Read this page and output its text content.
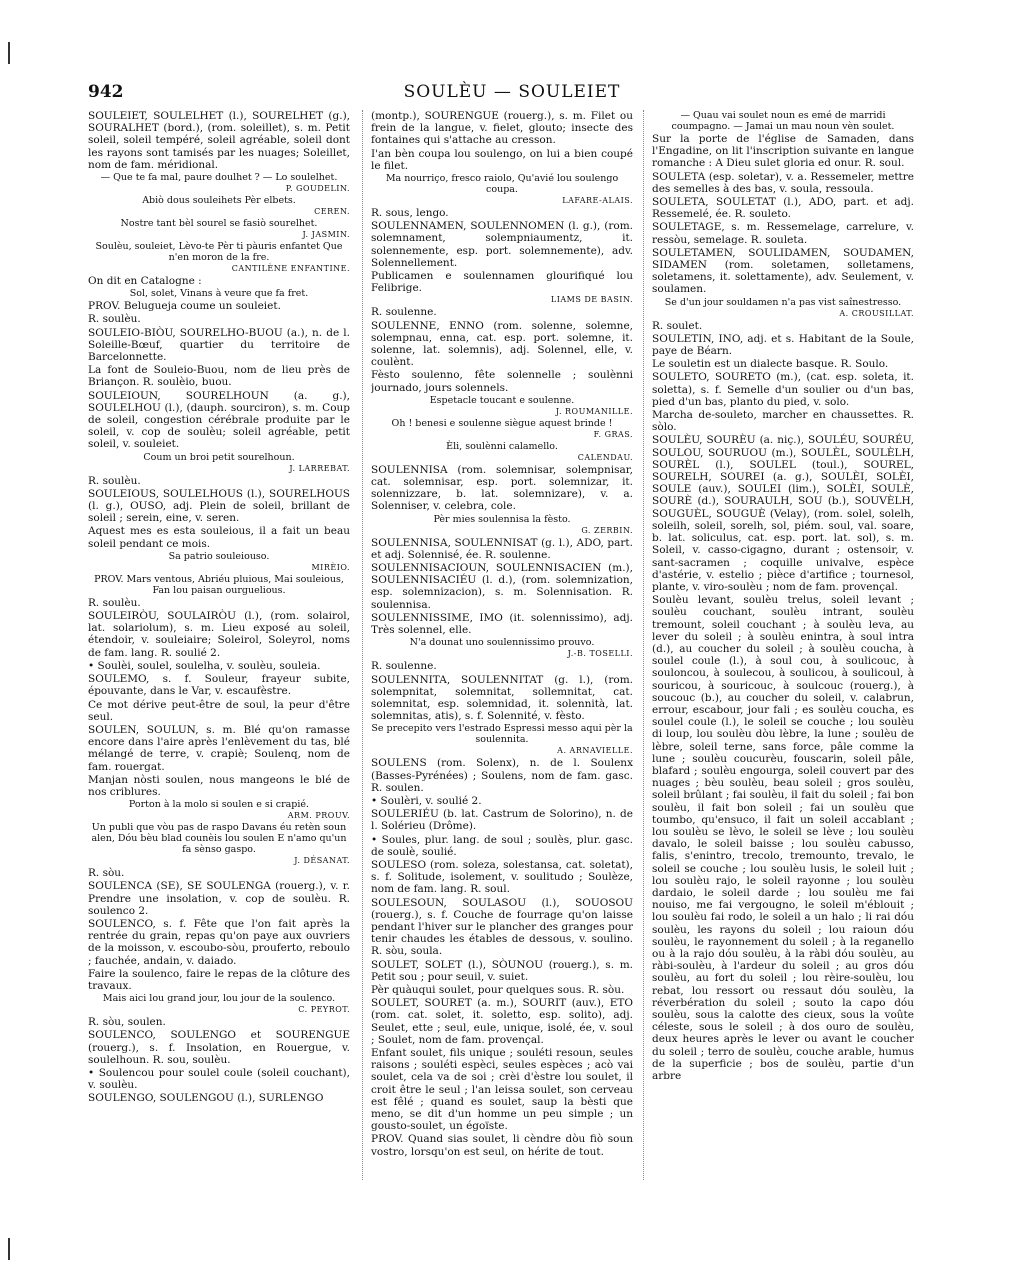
942	SOULÈU — SOULEIET

SOULEIET, SOULELHET (l.), SOURELHET (g.), SOURALHET (bord.), (rom. soleillet), s. m. Petit soleil, soleil tempéré, soleil agréable, soleil dont les rayons sont tamisés par les nuages; Soleillet, nom de fam. méridional.

— Que te fa mal, paure doulhet ? — Lo soulelhet.

P. GOUDELIN.

Abiò dous souleihets Pèr elbets.

CEREN.

Nostre tant bèl sourel se fasiò sourelhet.

J. JASMIN.

Soulèu, souleiet, Lèvo-te Pèr ti pàuris enfantet Que n'en moron de la fre.

CANTILÈNE ENFANTINE.

On dit en Catalogne :

Sol, solet, Vinans à veure que fa fret.

PROV. Belugueja coume un souleiet.

R. soulèu.

SOULEIO-BIÒU, SOURELHO-BUOU (a.), n. de l. Soleille-Bœuf, quartier du territoire de Barcelonnette.

La font de Souleio-Buou, nom de lieu près de Briançon. R. soulèio, buou.

SOULEIOUN, SOURELHOUN (a. g.), SOULELHOU (l.), (dauph. sourciron), s. m. Coup de soleil, congestion cérébrale produite par le soleil, v. cop de soulèu; soleil agréable, petit soleil, v. souleiet.

Coum un broi petit sourelhoun.

J. LARREBAT.

R. soulèu.

SOULEIOUS, SOULELHOUS (l.), SOURELHOUS (l. g.), OUSO, adj. Plein de soleil, brillant de soleil ; serein, eine, v. seren.

Aquest mes es esta souleious, il a fait un beau soleil pendant ce mois.

Sa patrio souleiouso.

MIRÈIO.

PROV. Mars ventous, Abriéu pluious, Mai souleious, Fan lou paisan ourguelious.

R. soulèu.

SOULEIRÒU, SOULAIRÒU (l.), (rom. solairol, lat. solariolum), s. m. Lieu exposé au soleil, étendoir, v. souleiaire; Soleirol, Soleyrol, noms de fam. lang. R. soulié 2.

• Soulèi, soulel, soulelha, v. soulèu, souleia.

SOULEMO, s. f. Souleur, frayeur subite, épouvante, dans le Var, v. escaufèstre.

Ce mot dérive peut-être de soul, la peur d'être seul.

SOULEN, SOULUN, s. m. Blé qu'on ramasse encore dans l'aire après l'enlèvement du tas, blé mélangé de terre, v. crapiè; Soulenq, nom de fam. rouergat.

Manjan nòsti soulen, nous mangeons le blé de nos criblures.

Porton à la molo si soulen e si crapié.

ARM. PROUV.

Un publi que vòu pas de raspo Davans éu retèn soun alen, Dóu bèu blad counèis lou soulen E n'amo qu'un fa sènso gaspo.

J. DÉSANAT.

R. sòu.

SOULENCA (SE), SE SOULENGA (rouerg.), v. r. Prendre une insolation, v. cop de soulèu. R. soulenco 2.

SOULENCO, s. f. Fête que l'on fait après la rentrée du grain, repas qu'on paye aux ouvriers de la moisson, v. escoubo-sòu, prouferto, reboulo ; fauchée, andain, v. daiado.

Faire la soulenco, faire le repas de la clôture des travaux.

Mais aici lou grand jour, lou jour de la soulenco.

C. PEYROT.

R. sòu, soulen.

SOULENCO, SOULENGO et SOURENGUE (rouerg.), s. f. Insolation, en Rouergue, v. soulelhoun. R. sou, soulèu.

• Soulencou pour soulel coule (soleil couchant), v. soulèu.

SOULENGO, SOULENGOU (l.), SURLENGO

(montp.), SOURENGUE (rouerg.), s. m. Filet ou frein de la langue, v. fielet, glouto; insecte des fontaines qui s'attache au cresson.

I'an bèn coupa lou soulengo, on lui a bien coupé le filet.

Ma nourriço, fresco raiolo, Qu'avié lou soulengo coupa.

LAFARE-ALAIS.

R. sous, lengo.

SOULENNAMEN, SOULENNOMEN (l. g.), (rom. solemnament, solempniaumentz, it. solennemente, esp. port. solemnemente), adv. Solennellement.

Publicamen e soulennamen glourifiqué lou Felibrige.

LIAMS DE BASIN.

R. soulenne.

SOULENNE, ENNO (rom. solenne, solemne, solempnau, enna, cat. esp. port. solemne, it. solenne, lat. solemnis), adj. Solennel, elle, v. coulènt.

Fèsto soulenno, fête solennelle ; soulènni journado, jours solennels.

Espetacle toucant e soulenne.

J. ROUMANILLE.

Oh ! benesi e soulenne siègue aquest brinde !

F. GRAS.

Èli, soulènni calamello.

CALENDAU.

SOULENNISA (rom. solemnisar, solempnisar, cat. solemnisar, esp. port. solemnizar, it. solennizzare, b. lat. solemnizare), v. a. Solenniser, v. celebra, cole.

Pèr mies soulennisa la fèsto.

G. ZERBIN.

SOULENNISA, SOULENNISAT (g. l.), ADO, part. et adj. Solennisé, ée. R. soulenne.

SOULENNISACIOUN, SOULENNISACIEN (m.), SOULENNISACIÉU (l. d.), (rom. solemnization, esp. solemnizacion), s. m. Solennisation. R. soulennisa.

SOULENNISSIME, IMO (it. solennissimo), adj. Très solennel, elle.

N'a dounat uno soulennissimo prouvo.

J.-B. TOSELLI.

R. soulenne.

SOULENNITA, SOULENNITAT (g. l.), (rom. solempnitat, solemnitat, sollemnitat, cat. solemnitat, esp. solemnidad, it. solennità, lat. solemnitas, atis), s. f. Solennité, v. fèsto.

Se precepito vers l'estrado Espressi messo aqui pèr la soulennita.

A. ARNAVIELLE.

SOULENS (rom. Solenx), n. de l. Soulenx (Basses-Pyrénées) ; Soulens, nom de fam. gasc. R. soulen.

• Soulèri, v. soulié 2.

SOULERIÉU (b. lat. Castrum de Solorino), n. de l. Solérieu (Drôme).

• Soules, plur. lang. de soul ; soulès, plur. gasc. de soulè, soulié.

SOULESO (rom. soleza, solestansa, cat. soletat), s. f. Solitude, isolement, v. soulitudo ; Soulèze, nom de fam. lang. R. soul.

SOULESOUN, SOULASOU (l.), SOUOSOU (rouerg.), s. f. Couche de fourrage qu'on laisse pendant l'hiver sur le plancher des granges pour tenir chaudes les étables de dessous, v. soulino. R. sòu, soula.

SOULET, SOLET (l.), SÒUNOU (rouerg.), s. m. Petit sou ; pour seuil, v. suiet.

Pèr quàuqui soulet, pour quelques sous. R. sòu.

SOULET, SOURET (a. m.), SOURIT (auv.), ETO (rom. cat. solet, it. soletto, esp. solito), adj. Seulet, ette ; seul, eule, unique, isolé, ée, v. soul ; Soulet, nom de fam. provençal.

Enfant soulet, fils unique ; souléti resoun, seules raisons ; souléti espèci, seules espèces ; acò vai soulet, cela va de soi ; crèi d'èstre lou soulet, il croit être le seul ; l'an leissa soulet, son cerveau est fêlé ; quand es soulet, saup la bèsti que meno, se dit d'un homme un peu simple ; un gousto-soulet, un égoïste.

PROV. Quand sias soulet, li cèndre dòu fiò soun vostro, lorsqu'on est seul, on hérite de tout.

— Quau vai soulet noun es emé de marridi coumpagno. — Jamai un mau noun vèn soulet.

Sur la porte de l'église de Samaden, dans l'Engadine, on lit l'inscription suivante en langue romanche : A Dieu sulet gloria ed onur. R. soul.

SOULETA (esp. soletar), v. a. Ressemeler, mettre des semelles à des bas, v. soula, ressoula.

SOULETA, SOULETAT (l.), ADO, part. et adj. Ressemelé, ée. R. souleto.

SOULETAGE, s. m. Ressemelage, carrelure, v. ressòu, semelage. R. souleta.

SOULETAMEN, SOULIDAMEN, SOUDAMEN, SIDAMEN (rom. soletamen, solletamens, soletamens, it. solettamente), adv. Seulement, v. soulamen.

Se d'un jour souldamen n'a pas vist saînestresso.

A. CROUSILLAT.

R. soulet.

SOULETIN, INO, adj. et s. Habitant de la Soule, paye de Béarn.

Le souletin est un dialecte basque. R. Soulo.

SOULETO, SOURETO (m.), (cat. esp. soleta, it. soletta), s. f. Semelle d'un soulier ou d'un bas, pied d'un bas, planto du pied, v. solo.

Marcha de-souleto, marcher en chaussettes. R. sòlo.

SOULÈU, SOURÈU (a. niç.), SOULÉU, SOURÉU, SOULOU, SOURUOU (m.), SOULÈL, SOULÈLH, SOURÈL (l.), SOULEL (toul.), SOUREL, SOURELH, SOUREI (a. g.), SOULÈI, SOLÈI, SOULE (auv.), SOULEI (lim.), SOLÈI, SOULÈ, SOURÈ (d.), SOURAULH, SOU (b.), SOUVÈLH, SOUGUÈL, SOUGUÈ (Velay), (rom. solel, solelh, soleilh, soleil, sorelh, sol, piém. soul, val. soare, b. lat. soliculus, cat. esp. port. lat. sol), s. m. Soleil, v. casso-cigagno, durant ; ostensoir, v. sant-sacramen ; coquille univalve, espèce d'astérie, v. estelio ; pièce d'artifice ; tournesol, plante, v. viro-soulèu ; nom de fam. provençal.

Soulèu levant, soulèu trelus, soleil levant ; soulèu couchant, soulèu intrant, soulèu tremount, soleil couchant ; à soulèu leva, au lever du soleil ; à soulèu enintra, à soul intra (d.), au coucher du soleil ; à soulèu coucha, à soulel coule (l.), à soul cou, à soulicouc, à souloncou, à soulecou, à soulicou, à soulicoul, à souricou, à souricouc, à soulcouc (rouerg.), à soucouc (b.), au coucher du soleil, v. calabrun, errour, escabour, jour fali ; es soulèu coucha, es soulel coule (l.), le soleil se couche ; lou soulèu di loup, lou soulèu dòu lèbre, la lune ; soulèu de lèbre, soleil terne, sans force, pâle comme la lune ; soulèu coucurèu, fouscarin, soleil pâle, blafard ; soulèu engourga, soleil couvert par des nuages ; bèu soulèu, beau soleil ; gros soulèu, soleil brûlant ; fai soulèu, il fait du soleil ; fai bon soulèu, il fait bon soleil ; fai un soulèu que toumbo, qu'ensuco, il fait un soleil accablant ; lou soulèu se lèvo, le soleil se lève ; lou soulèu davalo, le soleil baisse ; lou soulèu cabusso, falis, s'enintro, trecolo, tremounto, trevalo, le soleil se couche ; lou soulèu lusis, le soleil luit ; lou soulèu rajo, le soleil rayonne ; lou soulèu dardaio, le soleil darde ; lou soulèu me fai nouiso, me fai vergougno, le soleil m'éblouit ; lou soulèu fai rodo, le soleil a un halo ; li rai dóu soulèu, les rayons du soleil ; lou raioun dóu soulèu, le rayonnement du soleil ; à la reganello ou à la rajo dóu soulèu, à la ràbi dóu soulèu, au ràbi-soulèu, à l'ardeur du soleil ; au gros dóu soulèu, au fort du soleil ; lou rèire-soulèu, lou rebat, lou ressort ou ressaut dóu soulèu, la réverbération du soleil ; souto la capo dóu soulèu, sous la calotte des cieux, sous la voûte céleste, sous le soleil ; à dos ouro de soulèu, deux heures après le lever ou avant le coucher du soleil ; terro de soulèu, couche arable, humus de la superficie ; bos de soulèu, partie d'un arbre
